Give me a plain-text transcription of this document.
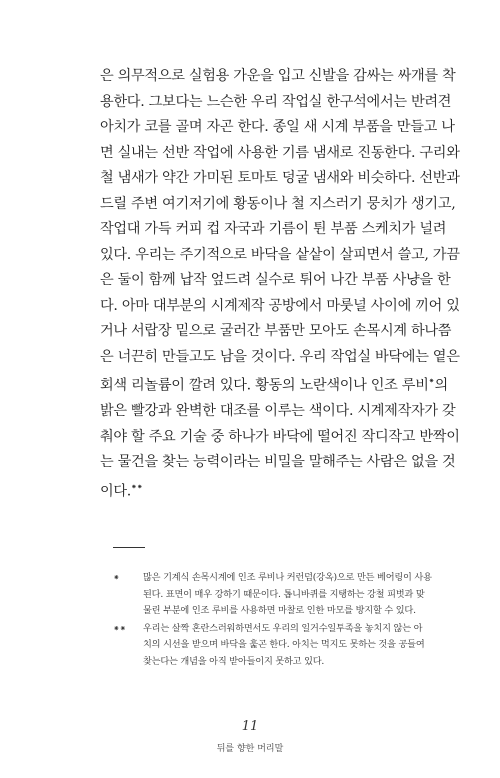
은 의무적으로 실험용 가운을 입고 신발을 감싸는 싸개를 착
용한다. 그보다는 느슨한 우리 작업실 한구석에서는 반려견
아치가 코를 골며 자곤 한다. 종일 새 시계 부품을 만들고 나
면 실내는 선반 작업에 사용한 기름 냄새로 진동한다. 구리와
철 냄새가 약간 가미된 토마토 덩굴 냄새와 비슷하다. 선반과
드릴 주변 여기저기에 황동이나 철 지스러기 뭉치가 생기고,
작업대 가득 커피 컵 자국과 기름이 튄 부품 스케치가 널려
있다. 우리는 주기적으로 바닥을 샅샅이 살피면서 쓸고, 가끔
은 둘이 함께 납작 엎드려 실수로 튀어 나간 부품 사냥을 한
다. 아마 대부분의 시계제작 공방에서 마룻널 사이에 끼어 있
거나 서랍장 밑으로 굴러간 부품만 모아도 손목시계 하나쯤
은 너끈히 만들고도 남을 것이다. 우리 작업실 바닥에는 옅은
회색 리놀륨이 깔려 있다. 황동의 노란색이나 인조 루비⁕의
밝은 빨강과 완벽한 대조를 이루는 색이다. 시계제작자가 갖
춰야 할 주요 기술 중 하나가 바닥에 떨어진 작디작고 반짝이
는 물건을 찾는 능력이라는 비밀을 말해주는 사람은 없을 것
이다.⁕⁕
⁕	많은 기계식 손목시계에 인조 루비나 커런덤(강옥)으로 만든 베어링이 사용
된다. 표면이 매우 강하기 때문이다. 톱니바퀴를 지탱하는 강철 피벗과 맞
물린 부분에 인조 루비를 사용하면 마찰로 인한 마모를 방지할 수 있다.
⁕⁕ 우리는 살짝 혼란스러워하면서도 우리의 일거수일투족을 놓치지 않는 아
치의 시선을 받으며 바닥을 훑곤 한다. 아치는 먹지도 못하는 것을 공들여
찾는다는 개념을 아직 받아들이지 못하고 있다.
11
뒤를 향한 머리말
